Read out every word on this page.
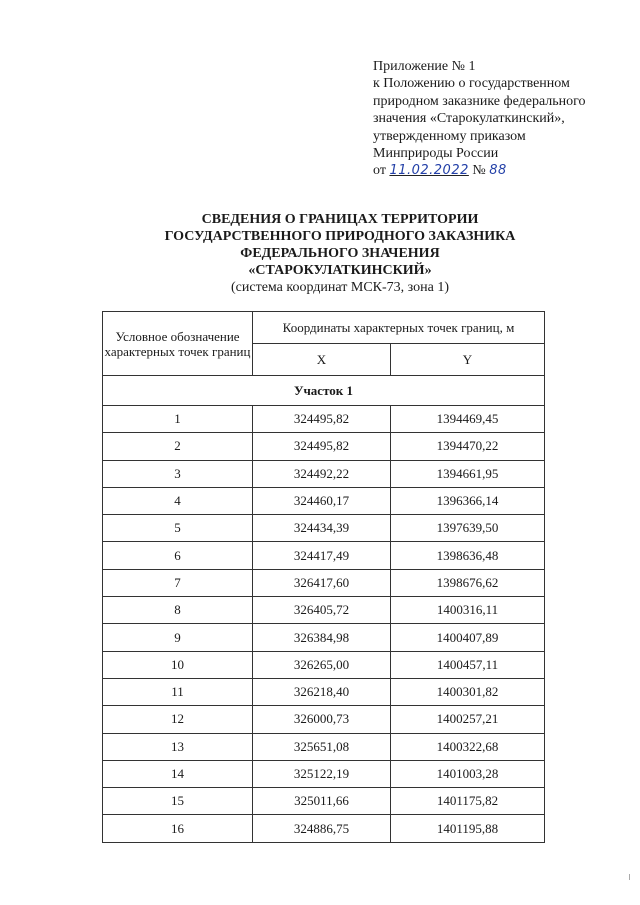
Приложение № 1
к Положению о государственном
природном заказнике федерального
значения «Старокулаткинский»,
утвержденному приказом
Минприроды России
от 11.02.2022 № 88
СВЕДЕНИЯ О ГРАНИЦАХ ТЕРРИТОРИИ
ГОСУДАРСТВЕННОГО ПРИРОДНОГО ЗАКАЗНИКА
ФЕДЕРАЛЬНОГО ЗНАЧЕНИЯ
«СТАРОКУЛАТКИНСКИЙ»
(система координат МСК-73, зона 1)
Условное обозначение характерных точек границ	Координаты характерных точек границ, м	
	X	Y
Участок 1		
1	324495,82	1394469,45
2	324495,82	1394470,22
3	324492,22	1394661,95
4	324460,17	1396366,14
5	324434,39	1397639,50
6	324417,49	1398636,48
7	326417,60	1398676,62
8	326405,72	1400316,11
9	326384,98	1400407,89
10	326265,00	1400457,11
11	326218,40	1400301,82
12	326000,73	1400257,21
13	325651,08	1400322,68
14	325122,19	1401003,28
15	325011,66	1401175,82
16	324886,75	1401195,88
